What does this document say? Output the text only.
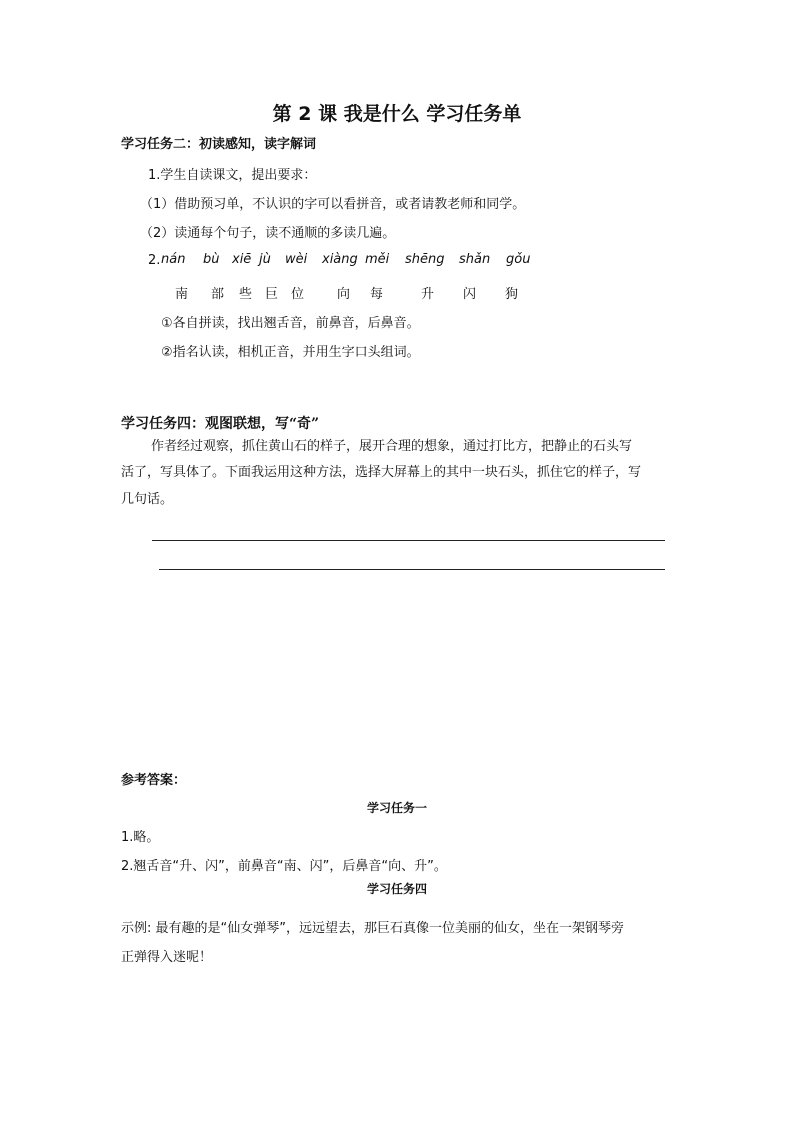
第 2 课 我是什么 学习任务单
学习任务二：初读感知，读字解词
1.学生自读课文，提出要求：
（1）借助预习单，不认识的字可以看拼音，或者请教老师和同学。
（2）读通每个句子，读不通顺的多读几遍。
2. nán bù xiē jù wèi xiàng měi shēng shǎn gǒu
南 部 些 巨 位	向 每	升 闪 狗
①各自拼读，找出翘舌音，前鼻音，后鼻音。
②指名认读，相机正音，并用生字口头组词。
学习任务四：观图联想，写“奇”
作者经过观察，抓住黄山石的样子，展开合理的想象，通过打比方，把静止的石头写
活了，写具体了。下面我运用这种方法，选择大屏幕上的其中一块石头，抓住它的样子，写
几句话。
参考答案：
学习任务一
1.略。
2.翘舌音“升、闪”，前鼻音“南、闪”，后鼻音“向、升”。
学习任务四
示例: 最有趣的是“仙女弹琴”，远远望去，那巨石真像一位美丽的仙女，坐在一架钢琴旁
正弹得入迷呢！
